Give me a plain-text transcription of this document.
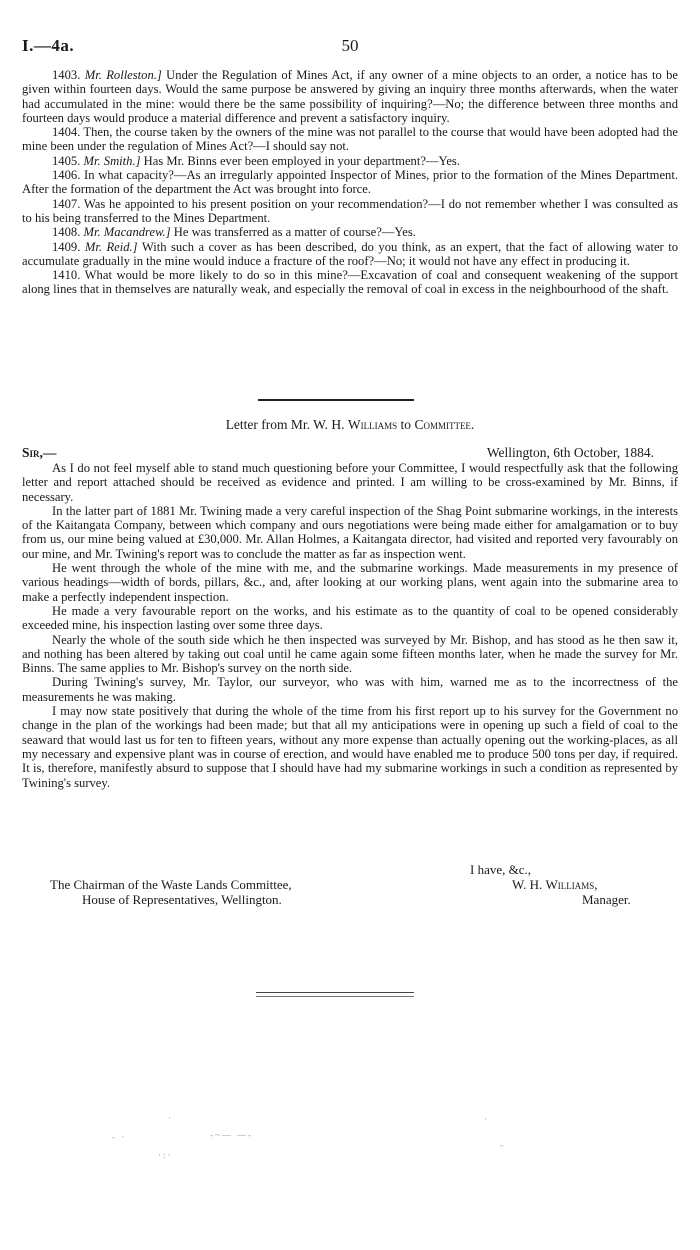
I.—4a.	50

1403. Mr. Rolleston.] Under the Regulation of Mines Act, if any owner of a mine objects to an order, a notice has to be given within fourteen days. Would the same purpose be answered by giving an inquiry three months afterwards, when the water had accumulated in the mine: would there be the same possibility of inquiring?—No; the difference between three months and fourteen days would produce a material difference and prevent a satisfactory inquiry.

1404. Then, the course taken by the owners of the mine was not parallel to the course that would have been adopted had the mine been under the regulation of Mines Act?—I should say not.

1405. Mr. Smith.] Has Mr. Binns ever been employed in your department?—Yes.

1406. In what capacity?—As an irregularly appointed Inspector of Mines, prior to the formation of the Mines Department. After the formation of the department the Act was brought into force.

1407. Was he appointed to his present position on your recommendation?—I do not remember whether I was consulted as to his being transferred to the Mines Department.

1408. Mr. Macandrew.] He was transferred as a matter of course?—Yes.

1409. Mr. Reid.] With such a cover as has been described, do you think, as an expert, that the fact of allowing water to accumulate gradually in the mine would induce a fracture of the roof?—No; it would not have any effect in producing it.

1410. What would be more likely to do so in this mine?—Excavation of coal and consequent weakening of the support along lines that in themselves are naturally weak, and especially the removal of coal in excess in the neighbourhood of the shaft.

Letter from Mr. W. H. Williams to Committee.
Sir,—	Wellington, 6th October, 1884.

As I do not feel myself able to stand much questioning before your Committee, I would respectfully ask that the following letter and report attached should be received as evidence and printed. I am willing to be cross-examined by Mr. Binns, if necessary.

In the latter part of 1881 Mr. Twining made a very careful inspection of the Shag Point submarine workings, in the interests of the Kaitangata Company, between which company and ours negotiations were being made either for amalgamation or to buy from us, our mine being valued at £30,000. Mr. Allan Holmes, a Kaitangata director, had visited and reported very favourably on our mine, and Mr. Twining's report was to conclude the matter as far as inspection went.

He went through the whole of the mine with me, and the submarine workings. Made measurements in my presence of various headings—width of bords, pillars, &c., and, after looking at our working plans, went again into the submarine area to make a perfectly independent inspection.

He made a very favourable report on the works, and his estimate as to the quantity of coal to be opened considerably exceeded mine, his inspection lasting over some three days.

Nearly the whole of the south side which he then inspected was surveyed by Mr. Bishop, and has stood as he then saw it, and nothing has been altered by taking out coal until he came again some fifteen months later, when he made the survey for Mr. Binns. The same applies to Mr. Bishop's survey on the north side.

During Twining's survey, Mr. Taylor, our surveyor, who was with him, warned me as to the incorrectness of the measurements he was making.

I may now state positively that during the whole of the time from his first report up to his survey for the Government no change in the plan of the workings had been made; but that all my anticipations were in opening up such a field of coal to the seaward that would last us for ten to fifteen years, without any more expense than actually opening out the working-places, as all my necessary and expensive plant was in course of erection, and would have enabled me to produce 500 tons per day, if required. It is, therefore, manifestly absurd to suppose that I should have had my submarine workings in such a condition as represented by Twining's survey.

I have, &c.,
W. H. Williams,
Manager.
The Chairman of the Waste Lands Committee,
House of Representatives, Wellington.
·
- ·	-~— —-
·:·
·
-
